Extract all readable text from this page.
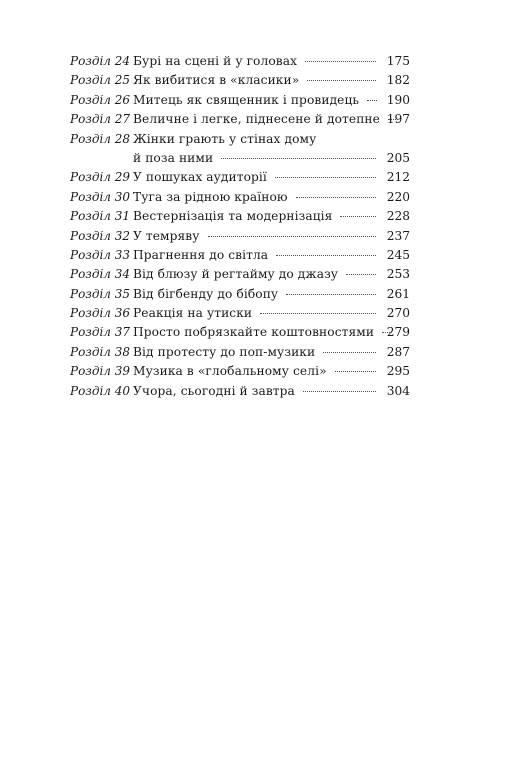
Розділ 24 Бурі на сцені й у головах	175
Розділ 25 Як вибитися в «класики»	182
Розділ 26 Митець як священник і провидець	190
Розділ 27 Величне і легке, піднесене й дотепне 197
Розділ 28 Жінки грають у стінах дому
й поза ними	205
Розділ 29 У пошуках аудиторії	212
Розділ 30 Туга за рідною країною	220
Розділ 31 Вестернізація та модернізація	228
Розділ 32 У темряву	237
Розділ 33 Прагнення до світла	245
Розділ 34 Від блюзу й регтайму до джазу	253
Розділ 35 Від бігбенду до бібопу	261
Розділ 36 Реакція на утиски	270
Розділ 37 Просто побрязкайте коштовностями	279
Розділ 38 Від протесту до поп-музики	287
Розділ 39 Музика в «глобальному селі»	295
Розділ 40 Учора, сьогодні й завтра	304
